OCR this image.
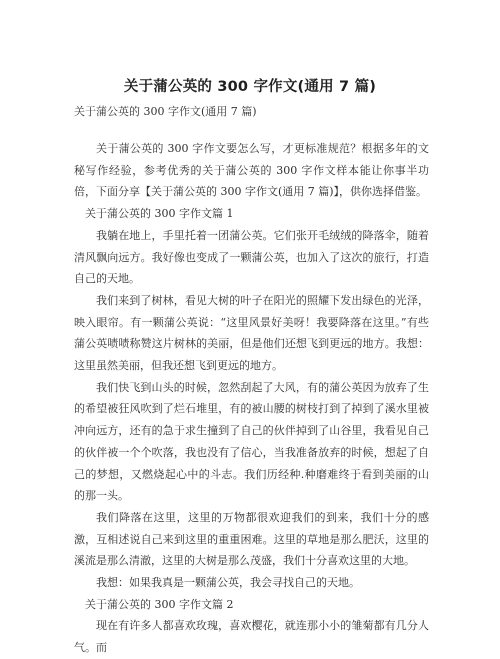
关于蒲公英的 300 字作文(通用 7 篇)
关于蒲公英的 300 字作文(通用 7 篇)

关于蒲公英的 300 字作文要怎么写，才更标准规范？根据多年的文秘写作经验，参考优秀的关于蒲公英的 300 字作文样本能让你事半功倍，下面分享【关于蒲公英的 300 字作文(通用 7 篇)】，供你选择借鉴。

关于蒲公英的 300 字作文篇 1

我躺在地上，手里托着一团蒲公英。它们张开毛绒绒的降落伞，随着清风飘向远方。我好像也变成了一颗蒲公英，也加入了这次的旅行，打造自己的天地。

我们来到了树林，看见大树的叶子在阳光的照耀下发出绿色的光泽，映入眼帘。有一颗蒲公英说：“这里风景好美呀！我要降落在这里。”有些蒲公英啧啧称赞这片树林的美丽，但是他们还想飞到更远的地方。我想：这里虽然美丽，但我还想飞到更远的地方。

我们快飞到山头的时候，忽然刮起了大风，有的蒲公英因为放弃了生的希望被狂风吹到了烂石堆里，有的被山腰的树枝打到了掉到了溪水里被冲向远方，还有的急于求生撞到了自己的伙伴掉到了山谷里，我看见自己的伙伴被一个个吹落，我也没有了信心，当我准备放弃的时候，想起了自己的梦想，又燃烧起心中的斗志。我们历经种.种磨难终于看到美丽的山的那一头。

我们降落在这里，这里的万物都很欢迎我们的到来，我们十分的感激，互相述说自己来到这里的重重困难。这里的草地是那么肥沃，这里的溪流是那么清澈，这里的大树是那么茂盛，我们十分喜欢这里的大地。

我想：如果我真是一颗蒲公英，我会寻找自己的天地。

关于蒲公英的 300 字作文篇 2

现在有许多人都喜欢玫瑰，喜欢樱花，就连那小小的雏菊都有几分人气。而
